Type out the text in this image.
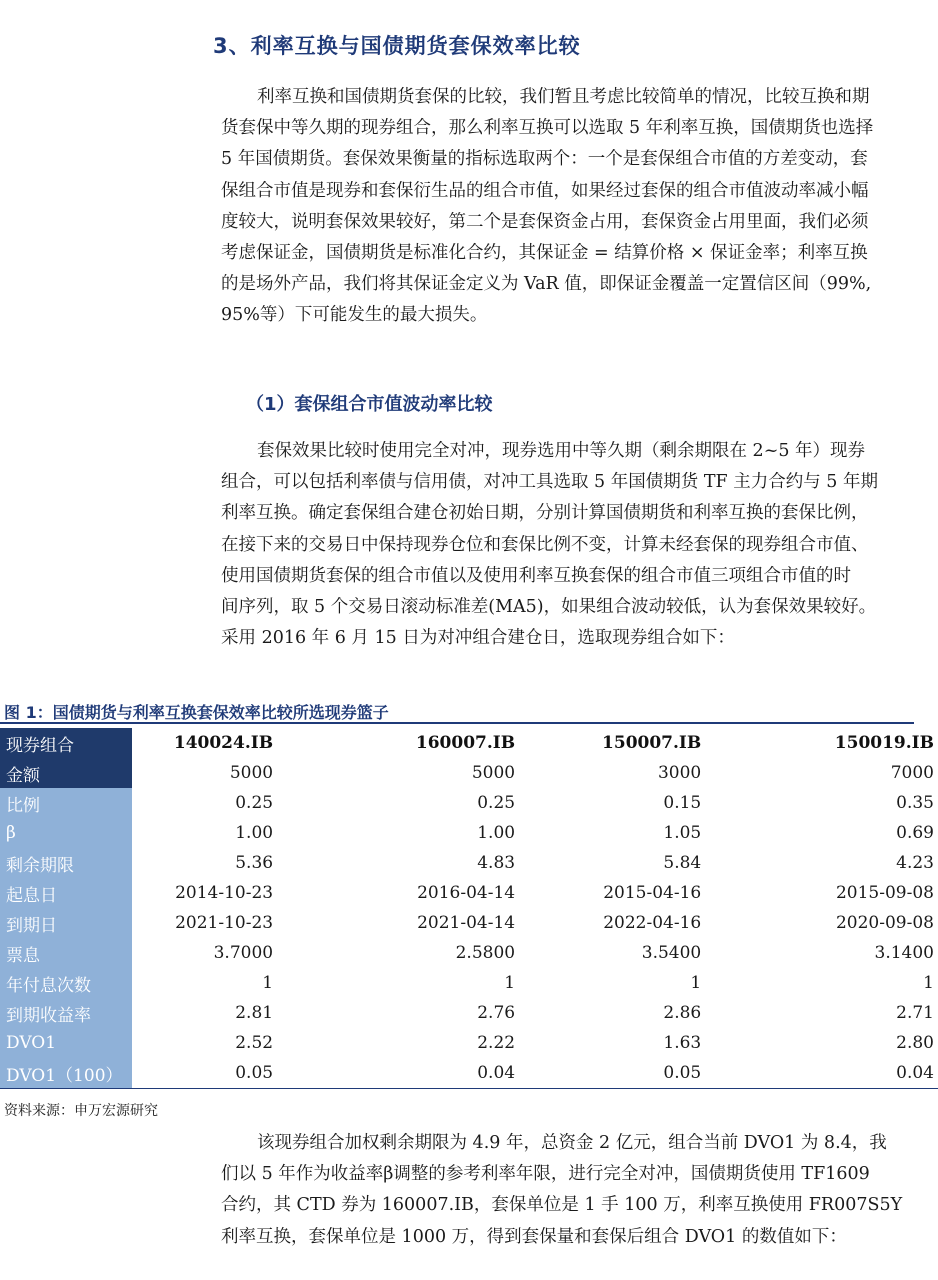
3、利率互换与国债期货套保效率比较
利率互换和国债期货套保的比较，我们暂且考虑比较简单的情况，比较互换和期
货套保中等久期的现券组合，那么利率互换可以选取 5 年利率互换，国债期货也选择
5 年国债期货。套保效果衡量的指标选取两个：一个是套保组合市值的方差变动，套
保组合市值是现券和套保衍生品的组合市值，如果经过套保的组合市值波动率减小幅
度较大，说明套保效果较好，第二个是套保资金占用，套保资金占用里面，我们必须
考虑保证金，国债期货是标准化合约，其保证金 = 结算价格 × 保证金率；利率互换
的是场外产品，我们将其保证金定义为 VaR 值，即保证金覆盖一定置信区间（99%,
95%等）下可能发生的最大损失。
（1）套保组合市值波动率比较
套保效果比较时使用完全对冲，现券选用中等久期（剩余期限在 2~5 年）现券
组合，可以包括利率债与信用债，对冲工具选取 5 年国债期货 TF 主力合约与 5 年期
利率互换。确定套保组合建仓初始日期，分别计算国债期货和利率互换的套保比例，
在接下来的交易日中保持现券仓位和套保比例不变，计算未经套保的现券组合市值、
使用国债期货套保的组合市值以及使用利率互换套保的组合市值三项组合市值的时
间序列，取 5 个交易日滚动标准差(MA5)，如果组合波动较低，认为套保效果较好。
采用 2016 年 6 月 15 日为对冲组合建仓日，选取现券组合如下：
图 1：国债期货与利率互换套保效率比较所选现券篮子
现券组合	140024.IB	160007.IB	150007.IB	150019.IB
金额	5000	5000	3000	7000
比例	0.25	0.25	0.15	0.35
β	1.00	1.00	1.05	0.69
剩余期限	5.36	4.83	5.84	4.23
起息日	2014-10-23	2016-04-14	2015-04-16	2015-09-08
到期日	2021-10-23	2021-04-14	2022-04-16	2020-09-08
票息	3.7000	2.5800	3.5400	3.1400
年付息次数	1	1	1	1
到期收益率	2.81	2.76	2.86	2.71
DVO1	2.52	2.22	1.63	2.80
DVO1（100）	0.05	0.04	0.05	0.04
资料来源：申万宏源研究
该现券组合加权剩余期限为 4.9 年，总资金 2 亿元，组合当前 DVO1 为 8.4，我
们以 5 年作为收益率β调整的参考利率年限，进行完全对冲，国债期货使用 TF1609
合约，其 CTD 券为 160007.IB，套保单位是 1 手 100 万，利率互换使用 FR007S5Y
利率互换，套保单位是 1000 万，得到套保量和套保后组合 DVO1 的数值如下：
